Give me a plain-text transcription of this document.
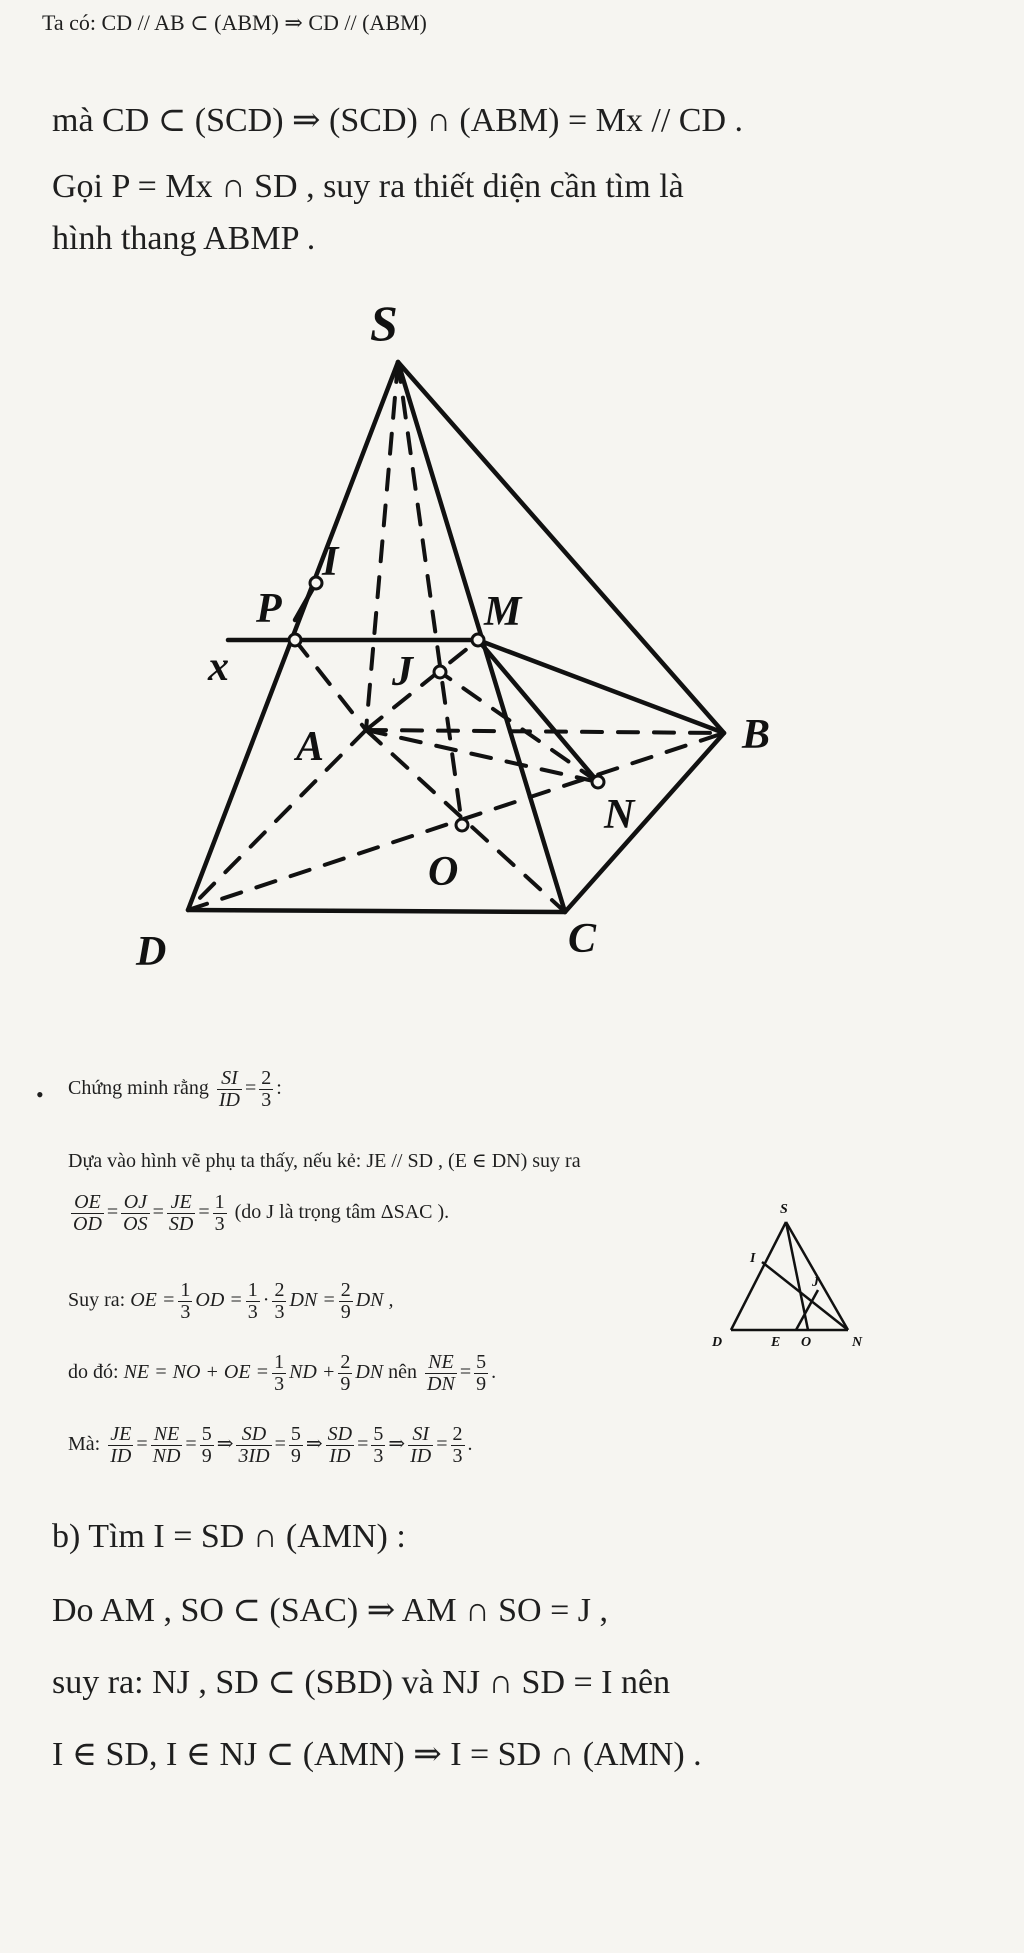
Ta có: CD // AB ⊂ (ABM) ⇒ CD // (ABM)
mà CD ⊂ (SCD) ⇒ (SCD) ∩ (ABM) = Mx // CD .
Gọi P = Mx ∩ SD , suy ra thiết diện cần tìm là
hình thang ABMP .
S
I
P	M
x	J
A	B
N
O
D	C
• Chứng minh rằng $\frac{SI}{ID} = \frac{2}{3}$ :
Dựa vào hình vẽ phụ ta thấy, nếu kẻ: JE // SD , (E ∈ DN) suy ra
$\frac{OE}{OD} = \frac{OJ}{OS} = \frac{JE}{SD} = \frac{1}{3} (do$ J là trọng tâm ΔSAC ).
Suy ra: OE = $\frac{1}{3}$ OD = $\frac{1}{3} \cdot \frac{2}{3}$ DN = $\frac{2}{9}$ DN ,
do đó: NE = NO + OE = $\frac{1}{3}$ ND + $\frac{2}{9}$ DN nên $\frac{NE}{DN} = \frac{5}{9}$ .
Mà: $\frac{JE}{ID} = \frac{NE}{ND} = \frac{5}{9}$ ⇒ $\frac{SD}{3ID} = \frac{5}{9}$ ⇒ $\frac{SD}{ID} = \frac{5}{3}$ ⇒ $\frac{SI}{ID} = \frac{2}{3}$ .
S
I
J
D	E O	N
b) Tìm I = SD ∩ (AMN) :
Do AM , SO ⊂ (SAC) ⇒ AM ∩ SO = J ,
suy ra: NJ , SD ⊂ (SBD) và NJ ∩ SD = I nên
I ∈ SD, I ∈ NJ ⊂ (AMN) ⇒ I = SD ∩ (AMN) .
